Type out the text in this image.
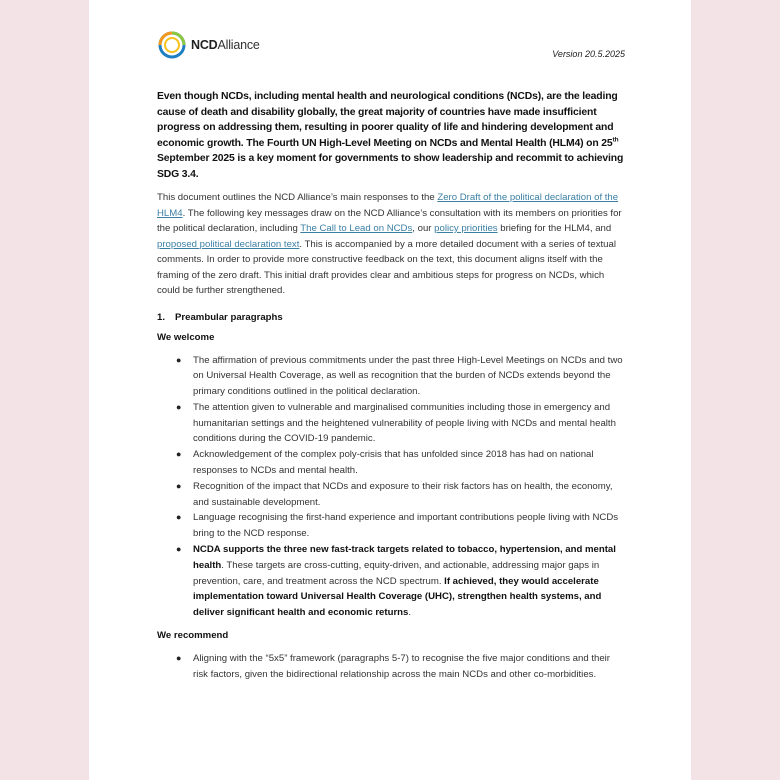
NCDAlliance
Version 20.5.2025

Even though NCDs, including mental health and neurological conditions (NCDs), are the leading cause of death and disability globally, the great majority of countries have made insufficient progress on addressing them, resulting in poorer quality of life and hindering development and economic growth. The Fourth UN High-Level Meeting on NCDs and Mental Health (HLM4) on 25th September 2025 is a key moment for governments to show leadership and recommit to achieving SDG 3.4.

This document outlines the NCD Alliance’s main responses to the Zero Draft of the political declaration of the HLM4. The following key messages draw on the NCD Alliance’s consultation with its members on priorities for the political declaration, including The Call to Lead on NCDs, our policy priorities briefing for the HLM4, and proposed political declaration text. This is accompanied by a more detailed document with a series of textual comments. In order to provide more constructive feedback on the text, this document aligns itself with the framing of the zero draft. This initial draft provides clear and ambitious steps for progress on NCDs, which could be further strengthened.

1. Preambular paragraphs
We welcome
● The affirmation of previous commitments under the past three High-Level Meetings on NCDs and two on Universal Health Coverage, as well as recognition that the burden of NCDs extends beyond the primary conditions outlined in the political declaration.
● The attention given to vulnerable and marginalised communities including those in emergency and humanitarian settings and the heightened vulnerability of people living with NCDs and mental health conditions during the COVID-19 pandemic.
● Acknowledgement of the complex poly-crisis that has unfolded since 2018 has had on national responses to NCDs and mental health.
● Recognition of the impact that NCDs and exposure to their risk factors has on health, the economy, and sustainable development.
● Language recognising the first-hand experience and important contributions people living with NCDs bring to the NCD response.
● NCDA supports the three new fast-track targets related to tobacco, hypertension, and mental health. These targets are cross-cutting, equity-driven, and actionable, addressing major gaps in prevention, care, and treatment across the NCD spectrum. If achieved, they would accelerate implementation toward Universal Health Coverage (UHC), strengthen health systems, and deliver significant health and economic returns.
We recommend
● Aligning with the “5x5” framework (paragraphs 5-7) to recognise the five major conditions and their risk factors, given the bidirectional relationship across the main NCDs and other co-morbidities.
